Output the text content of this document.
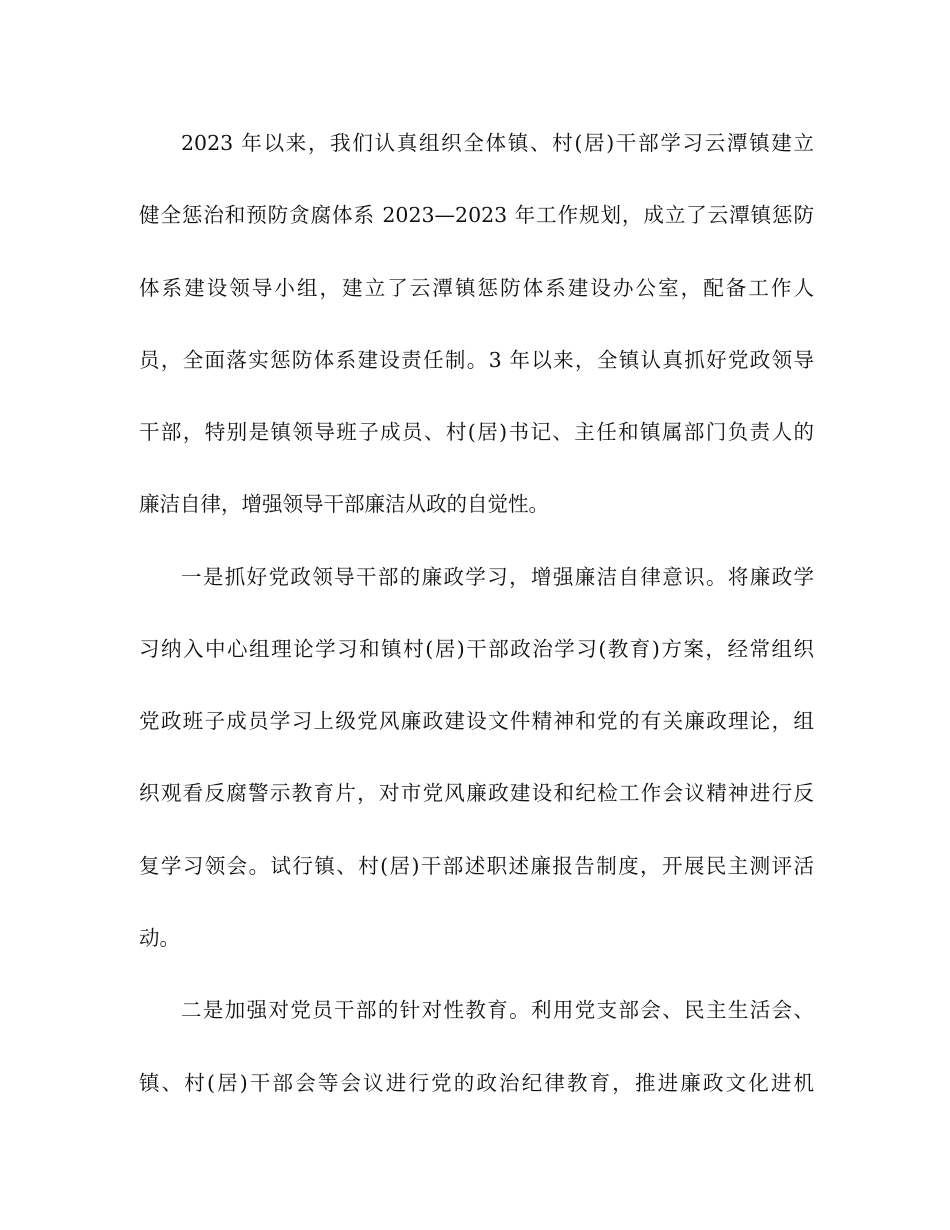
2023 年以来，我们认真组织全体镇、村(居)干部学习云潭镇建立
健全惩治和预防贪腐体系 2023—2023 年工作规划，成立了云潭镇惩防
体系建设领导小组，建立了云潭镇惩防体系建设办公室，配备工作人
员，全面落实惩防体系建设责任制。3 年以来，全镇认真抓好党政领导
干部，特别是镇领导班子成员、村(居)书记、主任和镇属部门负责人的
廉洁自律，增强领导干部廉洁从政的自觉性。
一是抓好党政领导干部的廉政学习，增强廉洁自律意识。将廉政学
习纳入中心组理论学习和镇村(居)干部政治学习(教育)方案，经常组织
党政班子成员学习上级党风廉政建设文件精神和党的有关廉政理论，组
织观看反腐警示教育片，对市党风廉政建设和纪检工作会议精神进行反
复学习领会。试行镇、村(居)干部述职述廉报告制度，开展民主测评活
动。
二是加强对党员干部的针对性教育。利用党支部会、民主生活会、
镇、村(居)干部会等会议进行党的政治纪律教育，推进廉政文化进机
